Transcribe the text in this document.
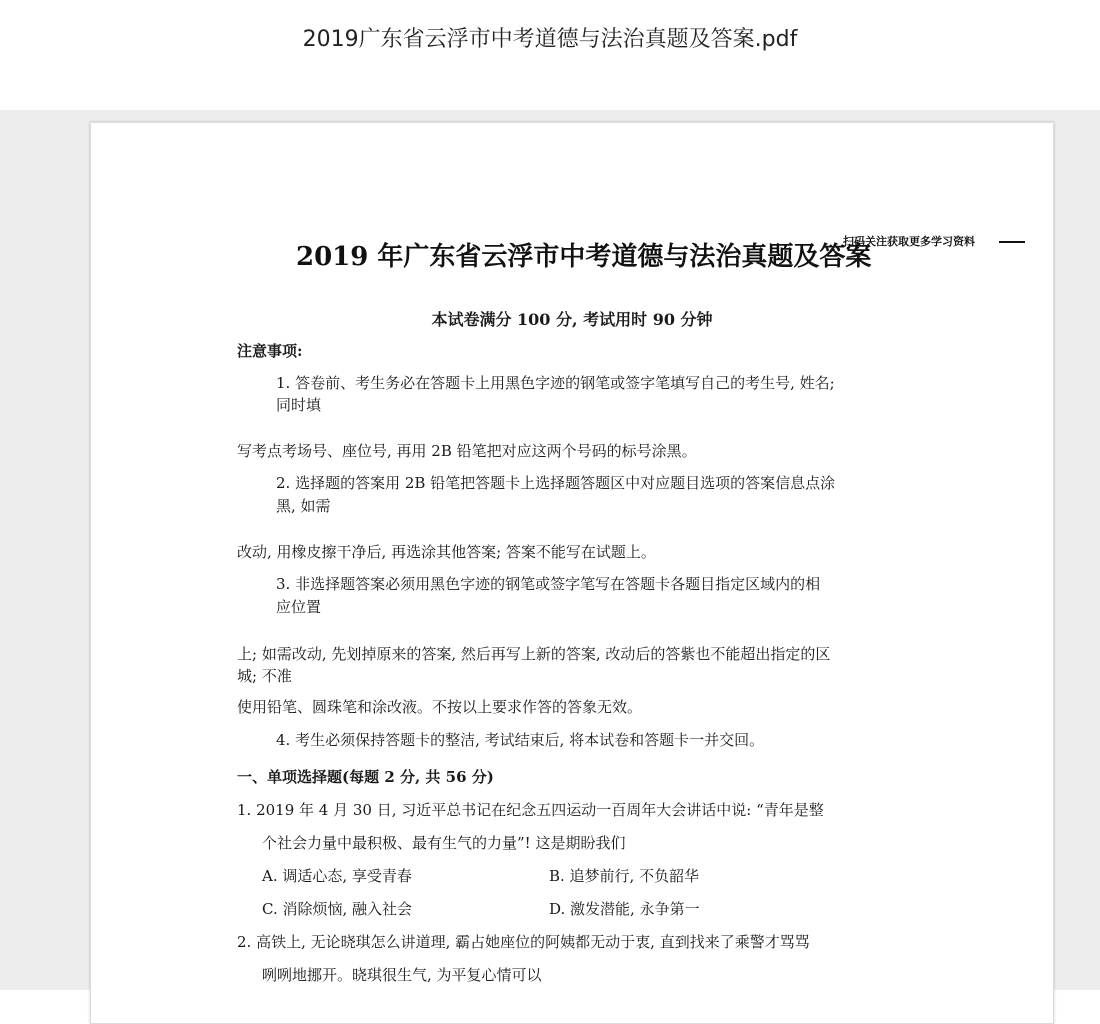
2019广东省云浮市中考道德与法治真题及答案.pdf
2019 年广东省云浮市中考道德与法治真题及答案
扫码关注获取更多学习资料
本试卷满分 100 分, 考试用时 90 分钟
注意事项:
1. 答卷前、考生务必在答题卡上用黑色字迹的钢笔或签字笔填写自己的考生号, 姓名;
同时填
写考点考场号、座位号, 再用 2B 铅笔把对应这两个号码的标号涂黑。
2. 选择题的答案用 2B 铅笔把答题卡上选择题答题区中对应题目选项的答案信息点涂
黑, 如需
改动, 用橡皮擦干净后, 再选涂其他答案; 答案不能写在试题上。
3. 非选择题答案必须用黑色字迹的钢笔或签字笔写在答题卡各题目指定区域内的相
应位置
上; 如需改动, 先划掉原来的答案, 然后再写上新的答案, 改动后的答紫也不能超出指定的区
城; 不准
使用铅笔、圆珠笔和涂改液。不按以上要求作答的答象无效。
4. 考生必须保持答题卡的整洁, 考试结束后, 将本试卷和答题卡一并交回。
一、单项选择题(每题 2 分, 共 56 分)
1. 2019 年 4 月 30 日, 习近平总书记在纪念五四运动一百周年大会讲话中说: “青年是整
个社会力量中最积极、最有生气的力量”! 这是期盼我们
A. 调适心态, 享受青春	B. 追梦前行, 不负韶华
C. 消除烦恼, 融入社会	D. 激发潜能, 永争第一
2. 高铁上, 无论晓琪怎么讲道理, 霸占她座位的阿姨都无动于衷, 直到找来了乘警才骂骂
咧咧地挪开。晓琪很生气, 为平复心情可以
